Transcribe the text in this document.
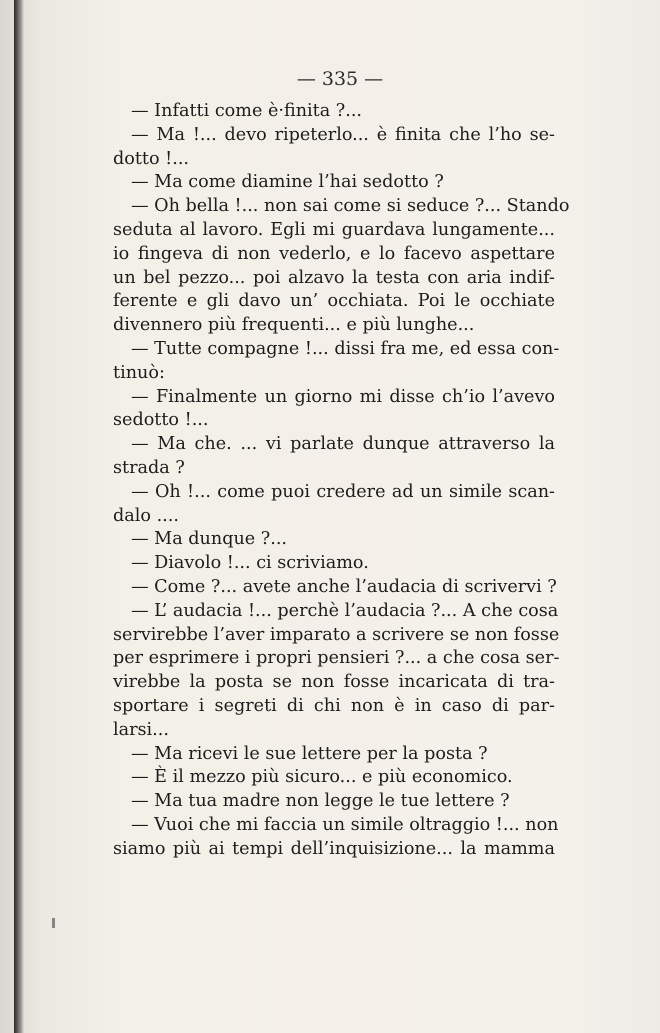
— 335 —
— Infatti come è·finita ?...
— Ma !... devo ripeterlo... è finita che l’ho se-
dotto !...
— Ma come diamine l’hai sedotto ?
— Oh bella !... non sai come si seduce ?... Stando
seduta al lavoro. Egli mi guardava lungamente...
io fingeva di non vederlo, e lo facevo aspettare
un bel pezzo... poi alzavo la testa con aria indif-
ferente e gli davo un’ occhiata. Poi le occhiate
divennero più frequenti... e più lunghe...
— Tutte compagne !... dissi fra me, ed essa con-
tinuò:
— Finalmente un giorno mi disse ch’io l’avevo
sedotto !...
— Ma che. ... vi parlate dunque attraverso la
strada ?
— Oh !... come puoi credere ad un simile scan-
dalo ....
— Ma dunque ?...
— Diavolo !... ci scriviamo.
— Come ?... avete anche l’audacia di scrivervi ?
— L’ audacia !... perchè l’audacia ?... A che cosa
servirebbe l’aver imparato a scrivere se non fosse
per esprimere i propri pensieri ?... a che cosa ser-
virebbe la posta se non fosse incaricata di tra-
sportare i segreti di chi non è in caso di par-
larsi...
— Ma ricevi le sue lettere per la posta ?
— È il mezzo più sicuro... e più economico.
— Ma tua madre non legge le tue lettere ?
— Vuoi che mi faccia un simile oltraggio !... non
siamo più ai tempi dell’inquisizione... la mamma
